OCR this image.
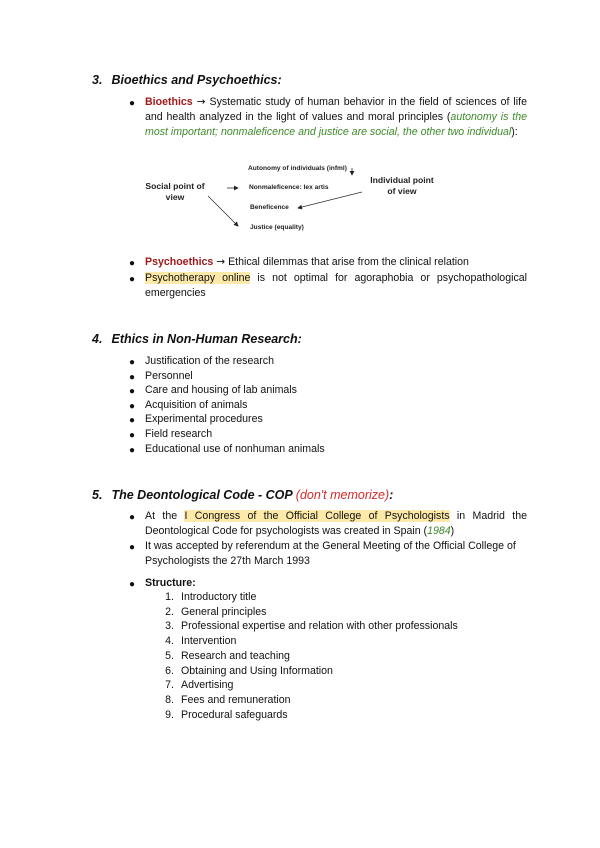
3. Bioethics and Psychoethics:
● Bioethics → Systematic study of human behavior in the field of sciences of life and health analyzed in the light of values and moral principles (autonomy is the most important; nonmaleficence and justice are social, the other two individual):
Social point of view
Individual point of view
Autonomy of individuals (infml)
Nonmaleficence: lex artis
Beneficence
Justice (equality)
● Psychoethics → Ethical dilemmas that arise from the clinical relation
● Psychotherapy online is not optimal for agoraphobia or psychopathological emergencies
4. Ethics in Non-Human Research:
● Justification of the research
● Personnel
● Care and housing of lab animals
● Acquisition of animals
● Experimental procedures
● Field research
● Educational use of nonhuman animals
5. The Deontological Code - COP (don't memorize):
● At the I Congress of the Official College of Psychologists in Madrid the Deontological Code for psychologists was created in Spain (1984)
● It was accepted by referendum at the General Meeting of the Official College of Psychologists the 27th March 1993
● Structure:
1. Introductory title
2. General principles
3. Professional expertise and relation with other professionals
4. Intervention
5. Research and teaching
6. Obtaining and Using Information
7. Advertising
8. Fees and remuneration
9. Procedural safeguards
